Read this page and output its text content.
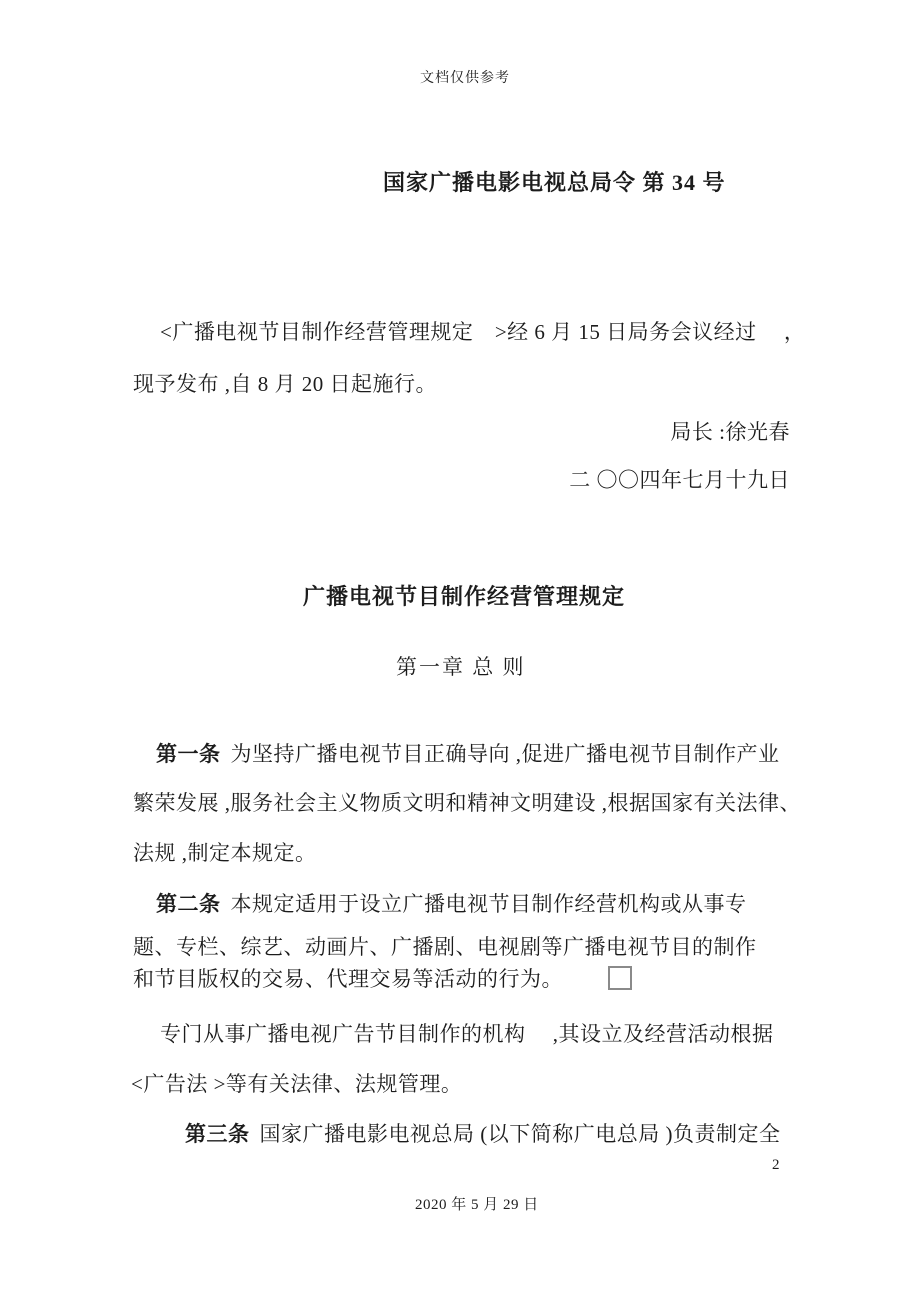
文档仅供参考
国家广播电影电视总局令 第 34 号
<广播电视节目制作经营管理规定　>经 6 月 15 日局务会议经过　 ，
现予发布 ,自 8 月 20 日起施行。
局长 :徐光春
二 〇〇四年七月十九日
广播电视节目制作经营管理规定
第一章 总 则
第一条 为坚持广播电视节目正确导向 ,促进广播电视节目制作产业
繁荣发展 ,服务社会主义物质文明和精神文明建设 ,根据国家有关法律、
法规 ,制定本规定。
第二条 本规定适用于设立广播电视节目制作经营机构或从事专
题、专栏、综艺、动画片、广播剧、电视剧等广播电视节目的制作
和节目版权的交易、代理交易等活动的行为。
专门从事广播电视广告节目制作的机构　 ,其设立及经营活动根据
<广告法 >等有关法律、法规管理。
第三条 国家广播电影电视总局 (以下简称广电总局 )负责制定全
2
2020 年 5 月 29 日
